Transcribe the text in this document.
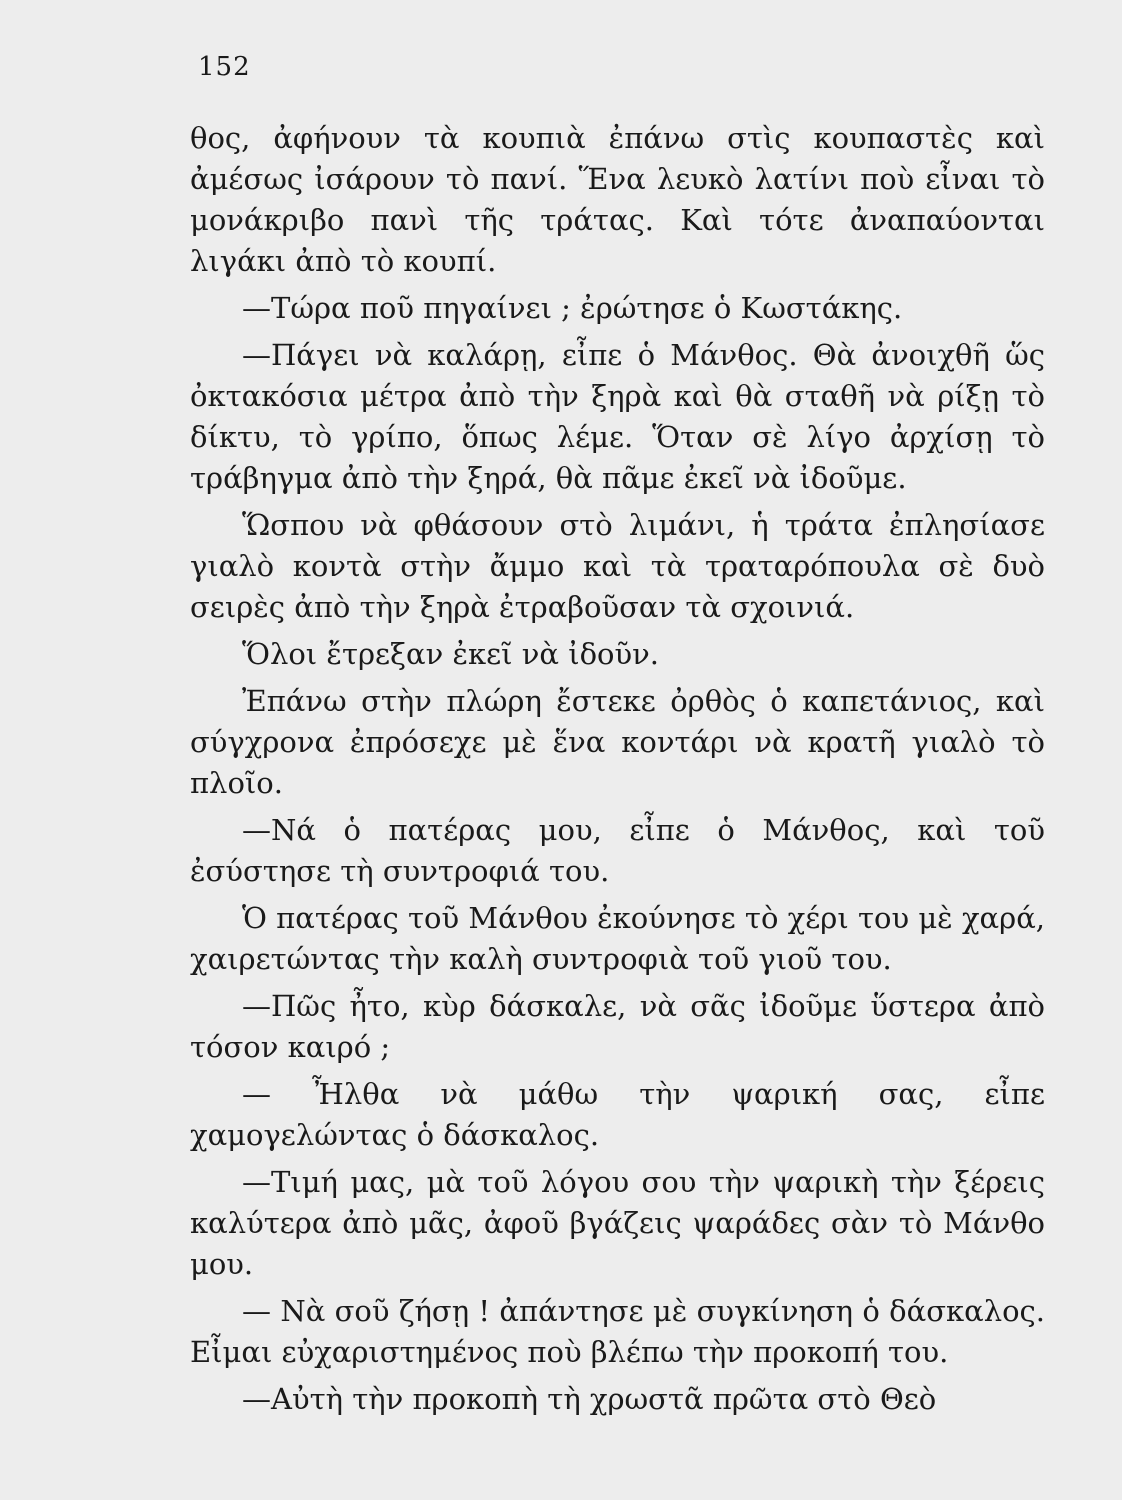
152

θος, ἀφήνουν τὰ κουπιὰ ἐπάνω στὶς κουπαστὲς καὶ ἀμέσως ἰσάρουν τὸ πανί. Ἕνα λευκὸ λατίνι ποὺ εἶναι τὸ μονάκριβο πανὶ τῆς τράτας. Καὶ τότε ἀναπαύονται λιγάκι ἀπὸ τὸ κουπί.

—Τώρα ποῦ πηγαίνει ; ἐρώτησε ὁ Κωστάκης.

—Πάγει νὰ καλάρῃ, εἶπε ὁ Μάνθος. Θὰ ἀνοιχθῆ ὥς ὀκτακόσια μέτρα ἀπὸ τὴν ξηρὰ καὶ θὰ σταθῆ νὰ ρίξῃ τὸ δίκτυ, τὸ γρίπο, ὅπως λέμε. Ὅταν σὲ λίγο ἀρχίσῃ τὸ τράβηγμα ἀπὸ τὴν ξηρά, θὰ πᾶμε ἐκεῖ νὰ ἰδοῦμε.

Ὥσπου νὰ φθάσουν στὸ λιμάνι, ἡ τράτα ἐπλησίασε γιαλὸ κοντὰ στὴν ἄμμο καὶ τὰ τραταρόπουλα σὲ δυὸ σειρὲς ἀπὸ τὴν ξηρὰ ἐτραβοῦσαν τὰ σχοινιά.

Ὅλοι ἔτρεξαν ἐκεῖ νὰ ἰδοῦν.

Ἐπάνω στὴν πλώρη ἔστεκε ὀρθὸς ὁ καπετάνιος, καὶ σύγχρονα ἐπρόσεχε μὲ ἕνα κοντάρι νὰ κρατῆ γιαλὸ τὸ πλοῖο.

—Νά ὁ πατέρας μου, εἶπε ὁ Μάνθος, καὶ τοῦ ἐσύστησε τὴ συντροφιά του.

Ὁ πατέρας τοῦ Μάνθου ἐκούνησε τὸ χέρι του μὲ χαρά, χαιρετώντας τὴν καλὴ συντροφιὰ τοῦ γιοῦ του.

—Πῶς ἦτο, κὺρ δάσκαλε, νὰ σᾶς ἰδοῦμε ὕστερα ἀπὸ τόσον καιρό ;

— Ἦλθα νὰ μάθω τὴν ψαρική σας, εἶπε χαμογελώντας ὁ δάσκαλος.

—Τιμή μας, μὰ τοῦ λόγου σου τὴν ψαρικὴ τὴν ξέρεις καλύτερα ἀπὸ μᾶς, ἀφοῦ βγάζεις ψαράδες σὰν τὸ Μάνθο μου.

— Νὰ σοῦ ζήσῃ ! ἀπάντησε μὲ συγκίνηση ὁ δάσκαλος. Εἶμαι εὐχαριστημένος ποὺ βλέπω τὴν προκοπή του.

—Αὐτὴ τὴν προκοπὴ τὴ χρωστᾶ πρῶτα στὸ Θεὸ
